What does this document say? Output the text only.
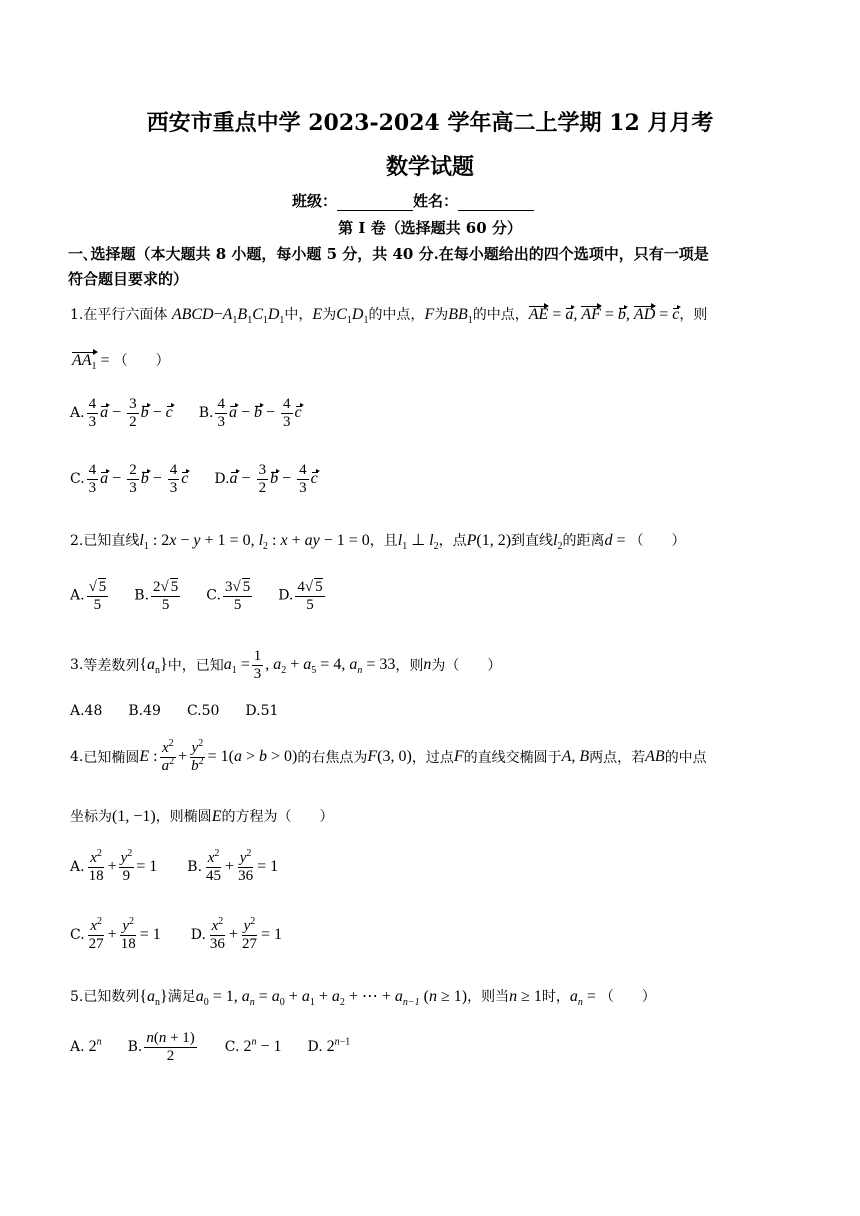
西安市重点中学 2023-2024 学年高二上学期 12 月月考
数学试题
班级：	姓名：
第 I 卷（选择题共 60 分）
一､选择题（本大题共 8 小题，每小题 5 分，共 40 分.在每小题给出的四个选项中，只有一项是
符合题目要求的）
1.在平行六面体 $ABCD-A_1B_1C_1D_1$中，E为$C_1D_1$的中点，F为$BB_1$的中点，AE = a, AF = b, AD = c，则
$AA_1$ = （　　）
A. $\frac{4}{3}$ $a - \frac{3}{2}$ b − c B. $\frac{4}{3}$ $a - b - \frac{4}{3}$ c
C. $\frac{4}{3}$ $a - \frac{2}{3}$ $b - \frac{4}{3}$ c $D.a - \frac{3}{2}$ $b - \frac{4}{3}$ c
2.已知直线$l_1$ : 2x − y + 1 = 0, $l_2$ : x + ay − 1 = 0，且$l_1$ ⊥ $l_2$，点P(1, 2)到直线$l_2$的距离d = （　　）
A. $\frac{√ 5}{5} B$. $\frac{2√ 5}{5} C$. $\frac{3√ 5}{5} D$. $\frac{4√ 5}{5}$
3. 等差数列 $\{a_n\}$ 中，已知 $a_1 = \frac{1}{3}$ , $a_2 + a_5 = 4$, $a_n = 33$ ，则 n 为 （　　）
A.48 B.49 C.50 D.51
4. 已知椭圆 E : $\frac{x^2}{a^2} + \frac{y^2}{b^2} = 1(a > b > 0)$ 的右焦点为 F(3, 0) ，过点 F 的直线交椭圆于 A, B 两点，若 AB 的中点
坐标为(1, −1)，则椭圆E的方程为（　　）
A. $\frac{x^2}{18} + \frac{y^2}{9} = 1$ B. $\frac{x^2}{45} + \frac{y^2}{36} = 1$
C. $\frac{x^2}{27} + \frac{y^2}{18} = 1$ D. $\frac{x^2}{36} + \frac{y^2}{27} = 1$
5.已知数列$\{a_n\}$满足$a_0 = 1$, $a_n = a_0 + a_1 + a_2$ + ⋯ + $a_{n-1}$ (n ≥ 1)，则当n ≥ 1时，$a_n$ = （　　）
A. 2$^n$ B. $\frac{n(n + 1)}{2} C$. $2^n - 1$ D. $2^{n-1}$
